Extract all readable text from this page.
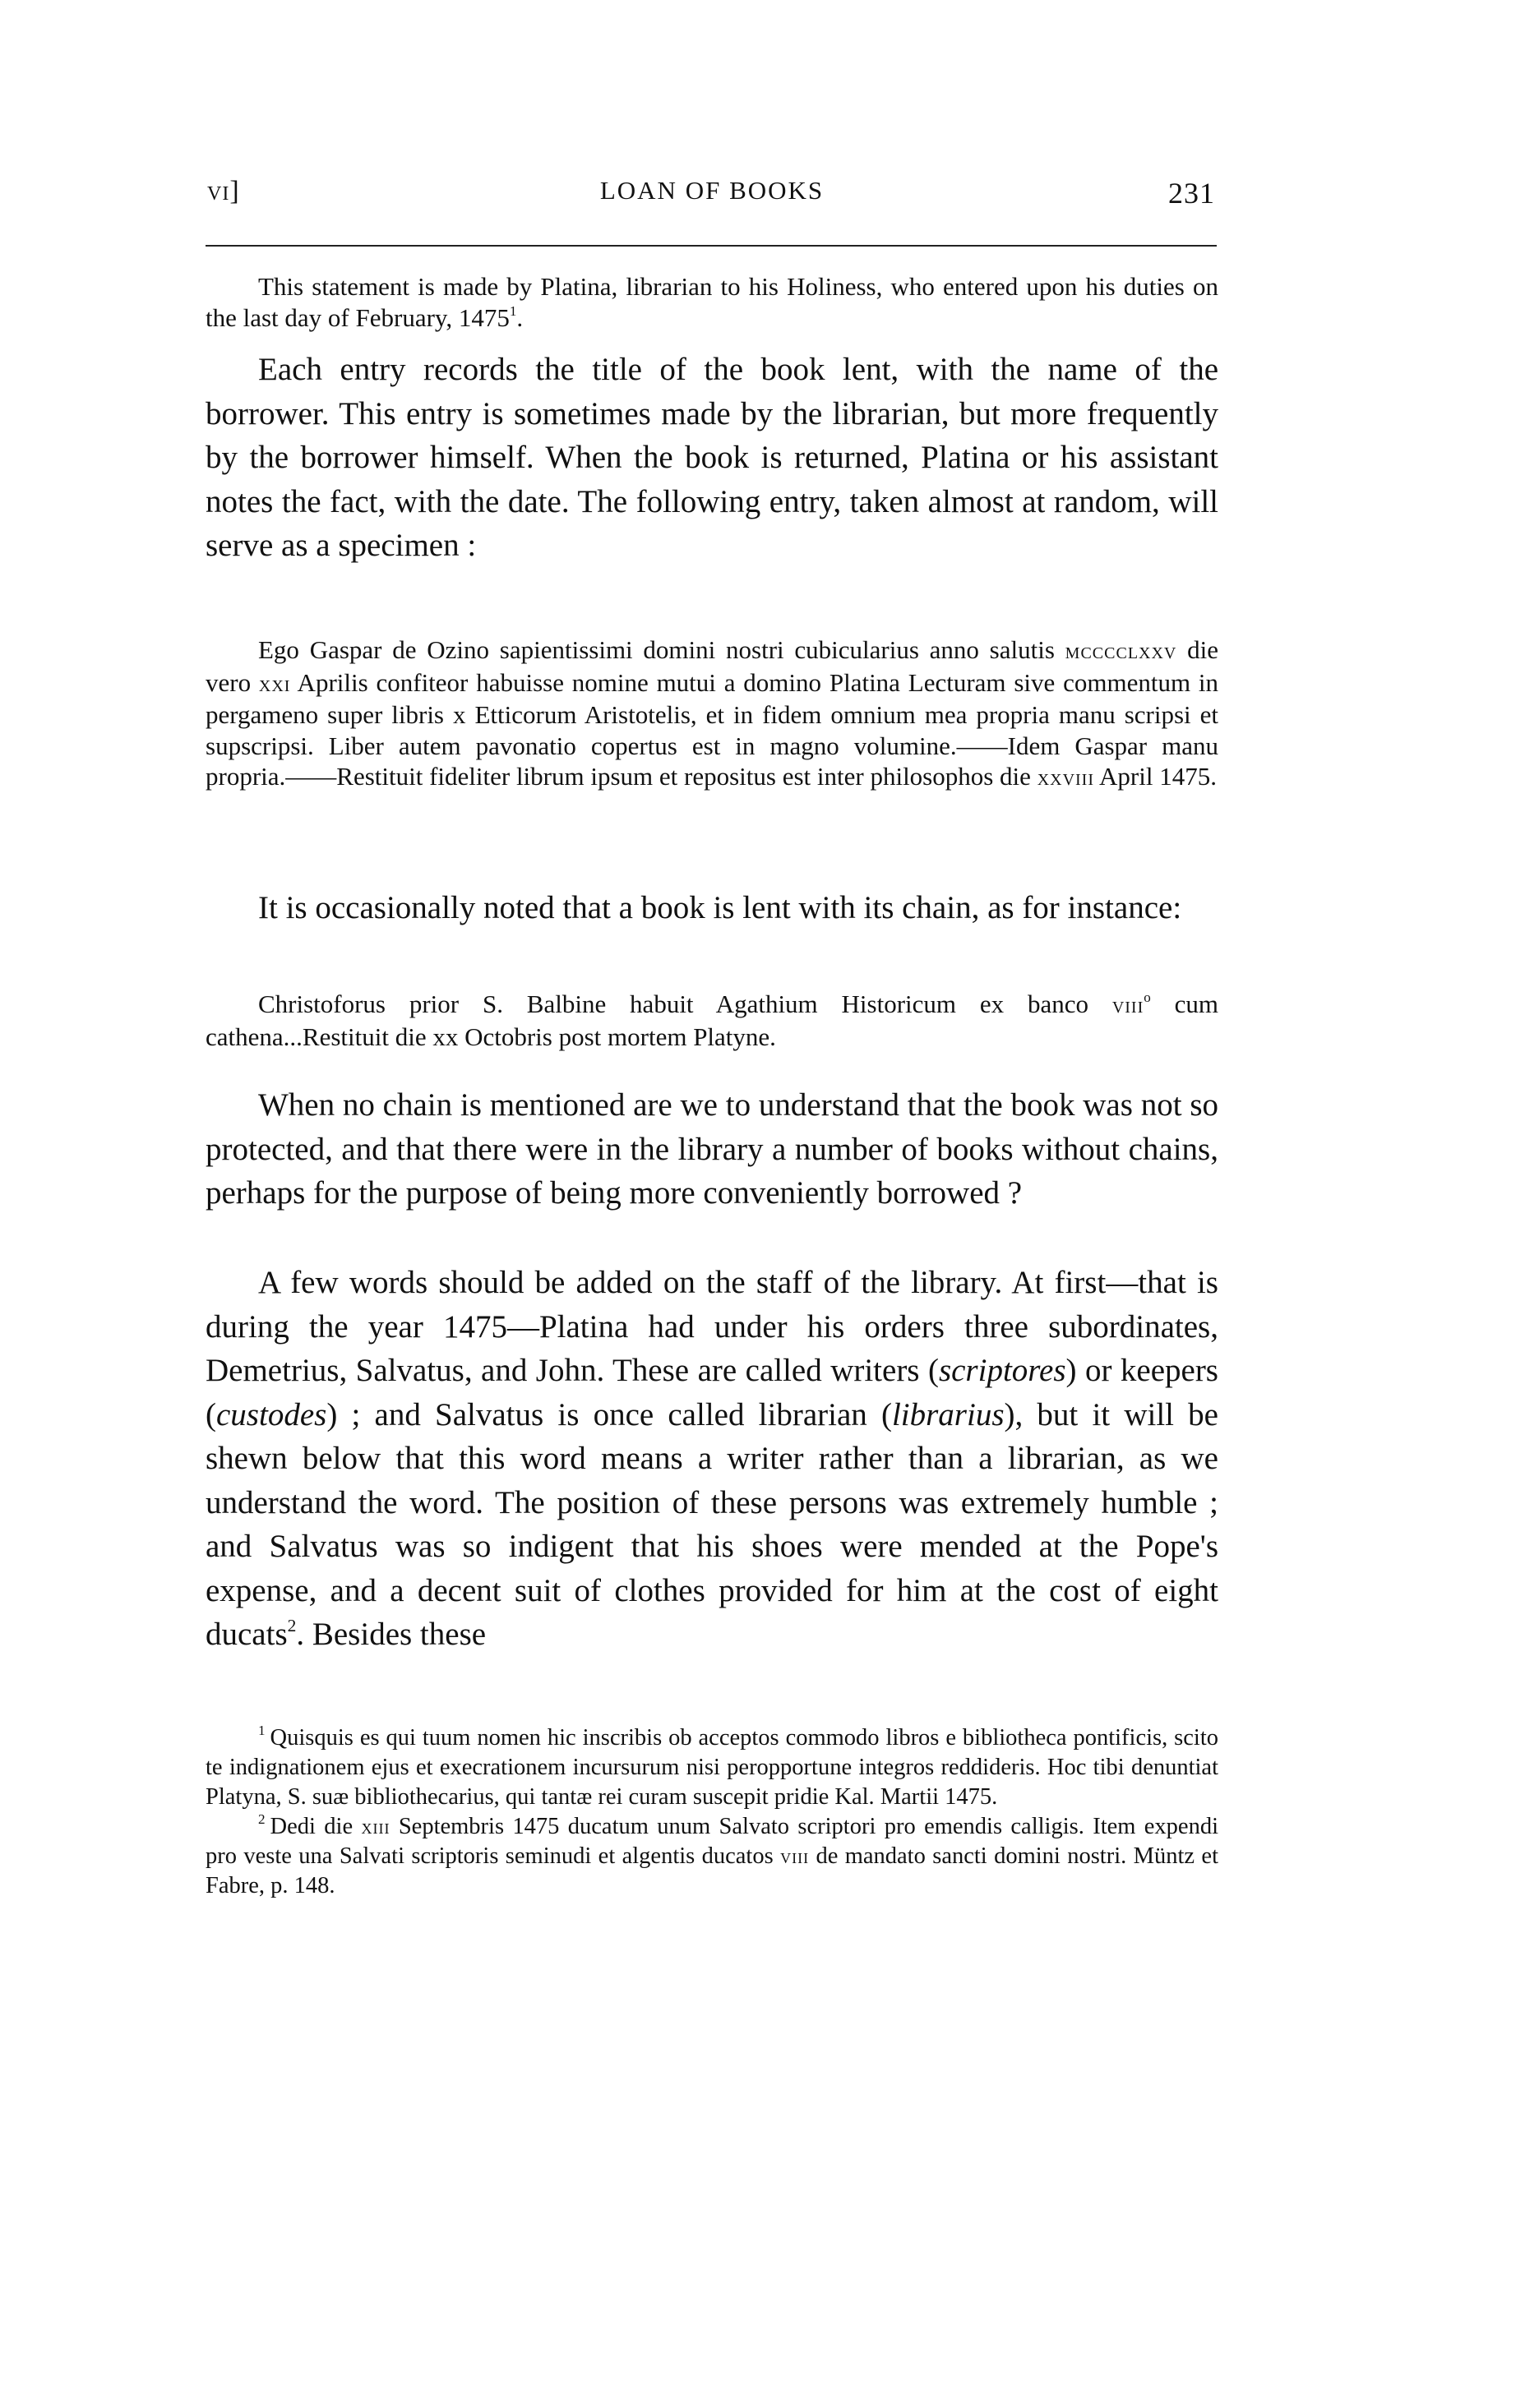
vi]	LOAN OF BOOKS	231

This statement is made by Platina, librarian to his Holiness, who entered upon his duties on the last day of February, 1475$^1$.

Each entry records the title of the book lent, with the name of the borrower. This entry is sometimes made by the librarian, but more frequently by the borrower himself. When the book is returned, Platina or his assistant notes the fact, with the date. The following entry, taken almost at random, will serve as a specimen :

Ego Gaspar de Ozino sapientissimi domini nostri cubicularius anno salutis mcccclxxv die vero xxi Aprilis confiteor habuisse nomine mutui a domino Platina Lecturam sive commentum in pergameno super libris x Etticorum Aristotelis, et in fidem omnium mea propria manu scripsi et supscripsi. Liber autem pavonatio copertus est in magno volumine.——Idem Gaspar manu propria.——Restituit fideliter librum ipsum et repositus est inter philosophos die xxviii April 1475.

It is occasionally noted that a book is lent with its chain, as for instance:

Christoforus prior S. Balbine habuit Agathium Historicum ex banco viii$^o$ cum cathena...Restituit die xx Octobris post mortem Platyne.

When no chain is mentioned are we to understand that the book was not so protected, and that there were in the library a number of books without chains, perhaps for the purpose of being more conveniently borrowed ?

A few words should be added on the staff of the library. At first—that is during the year 1475—Platina had under his orders three subordinates, Demetrius, Salvatus, and John. These are called writers (scriptores) or keepers (custodes) ; and Salvatus is once called librarian (librarius), but it will be shewn below that this word means a writer rather than a librarian, as we understand the word. The position of these persons was extremely humble ; and Salvatus was so indigent that his shoes were mended at the Pope's expense, and a decent suit of clothes provided for him at the cost of eight ducats$^2$. Besides these

$^1$ Quisquis es qui tuum nomen hic inscribis ob acceptos commodo libros e bibliotheca pontificis, scito te indignationem ejus et execrationem incursurum nisi peropportune integros reddideris. Hoc tibi denuntiat Platyna, S. suæ bibliothecarius, qui tantæ rei curam suscepit pridie Kal. Martii 1475.

$^2$ Dedi die xiii Septembris 1475 ducatum unum Salvato scriptori pro emendis calligis. Item expendi pro veste una Salvati scriptoris seminudi et algentis ducatos viii de mandato sancti domini nostri. Müntz et Fabre, p. 148.
